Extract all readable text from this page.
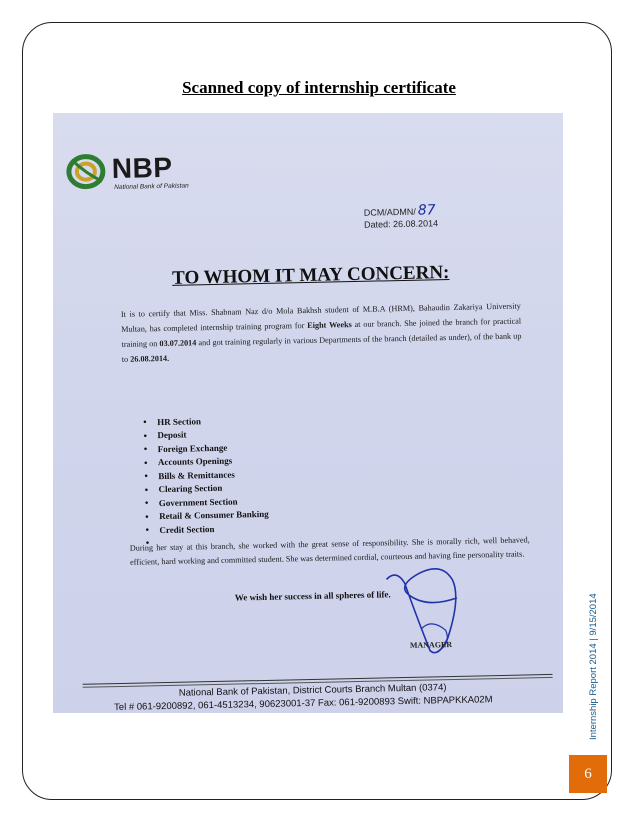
Scanned copy of internship certificate
NBP
National Bank of Pakistan
DCM/ADMN/ 87
Dated: 26.08.2014
TO WHOM IT MAY CONCERN:
It is to certify that Miss. Shabnam Naz d/o Mola Bakhsh student of M.B.A (HRM), Bahaudin Zakariya University Multan, has completed internship training program for Eight Weeks at our branch. She joined the branch for practical training on 03.07.2014 and got training regularly in various Departments of the branch (detailed as under), of the bank up to 26.08.2014.
● HR Section
● Deposit
● Foreign Exchange
● Accounts Openings
● Bills & Remittances
● Clearing Section
● Government Section
● Retail & Consumer Banking
● Credit Section
●
During her stay at this branch, she worked with the great sense of responsibility. She is morally rich, well behaved, efficient, hard working and committed student. She was determined cordial, courteous and having fine personality traits.
We wish her success in all spheres of life.
MANAGER
National Bank of Pakistan, District Courts Branch Multan (0374)
Tel # 061-9200892, 061-4513234, 90623001-37 Fax: 061-9200893 Swift: NBPAPKKA02M	Internship Report 2014 | 9/15/2014
6
